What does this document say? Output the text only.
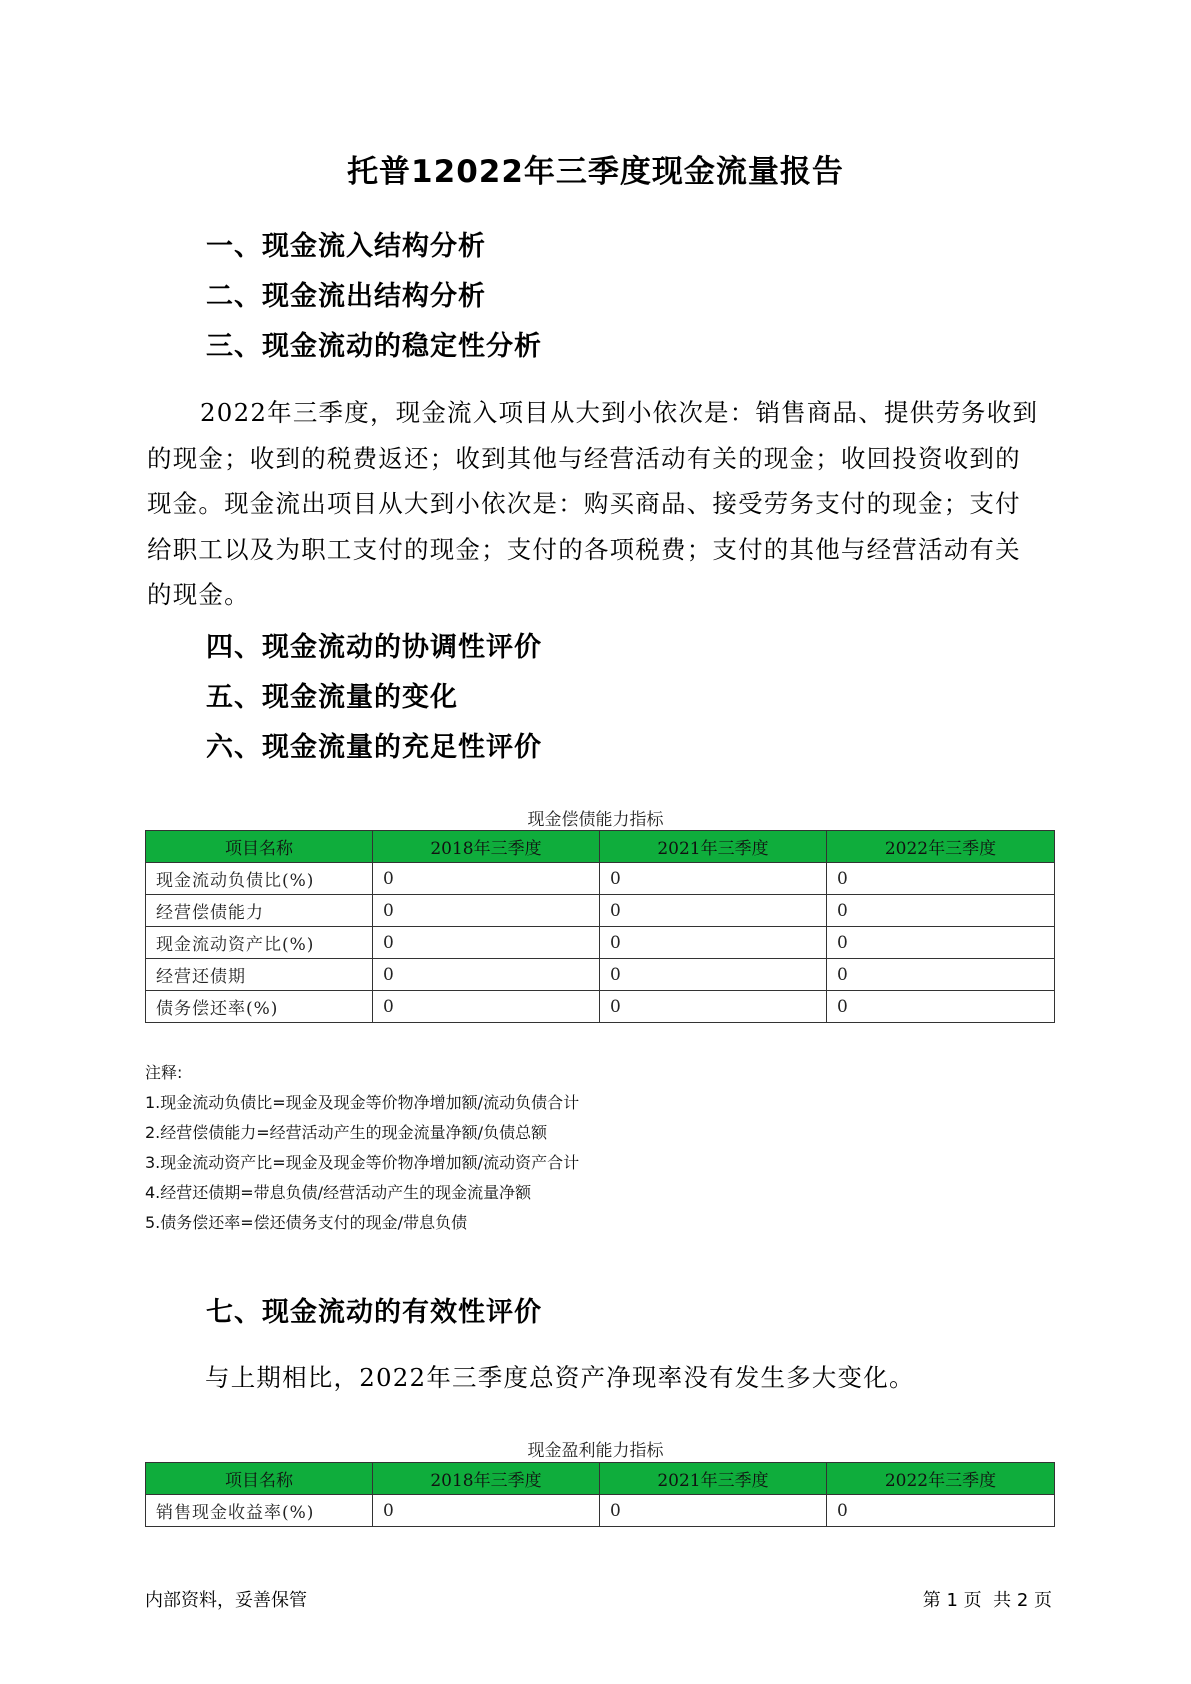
托普12022年三季度现金流量报告
一、现金流入结构分析
二、现金流出结构分析
三、现金流动的稳定性分析

2022年三季度，现金流入项目从大到小依次是：销售商品、提供劳务收到的现金；收到的税费返还；收到其他与经营活动有关的现金；收回投资收到的现金。现金流出项目从大到小依次是：购买商品、接受劳务支付的现金；支付给职工以及为职工支付的现金；支付的各项税费；支付的其他与经营活动有关的现金。

四、现金流动的协调性评价
五、现金流量的变化
六、现金流量的充足性评价
现金偿债能力指标
项目名称	2018年三季度	2021年三季度	2022年三季度
现金流动负债比(%)	0	0	0
经营偿债能力	0	0	0
现金流动资产比(%)	0	0	0
经营还债期	0	0	0
债务偿还率(%)	0	0	0
注释:
1.现金流动负债比=现金及现金等价物净增加额/流动负债合计
2.经营偿债能力=经营活动产生的现金流量净额/负债总额
3.现金流动资产比=现金及现金等价物净增加额/流动资产合计
4.经营还债期=带息负债/经营活动产生的现金流量净额
5.债务偿还率=偿还债务支付的现金/带息负债
七、现金流动的有效性评价

与上期相比，2022年三季度总资产净现率没有发生多大变化。

现金盈利能力指标
项目名称	2018年三季度	2021年三季度	2022年三季度
销售现金收益率(%)	0	0	0
内部资料，妥善保管	第 1 页  共 2 页
